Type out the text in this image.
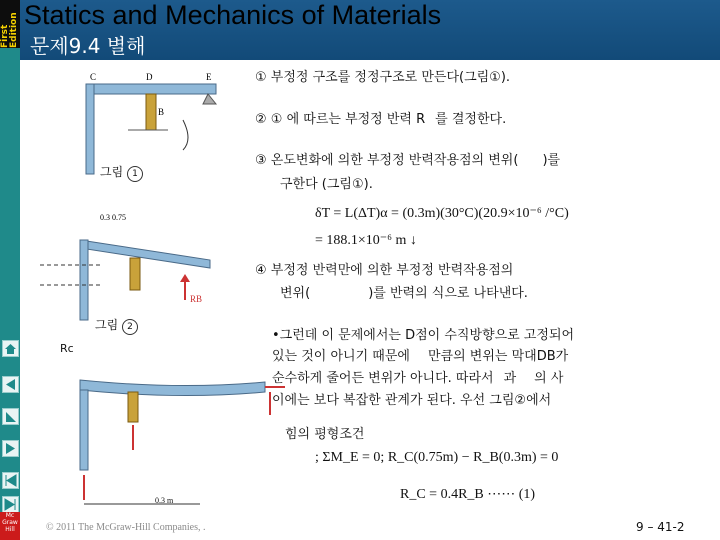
First Edition Statics and Mechanics of Materials
문제9.4 별해
Mc Graw Hill
C	D	E
B
그림 1
RB
0.3 0.75
그림 2
Rc
0.3 m
① 부정정 구조를 정정구조로 만든다(그림①).
② ① 에 따르는 부정정 반력 R 를 결정한다.
③ 온도변화에 의한 부정정 반력작용점의 변위( )를
구한다 (그림①).
δT = L(ΔT)α = (0.3m)(30°C)(20.9×10⁻⁶ /°C)
= 188.1×10⁻⁶ m ↓
④ 부정정 반력만에 의한 부정정 반력작용점의
변위(	)를 반력의 식으로 나타낸다.
•그런데 이 문제에서는 D점이 수직방향으로 고정되어
있는 것이 아니기 때문에 만큼의 변위는 막대DB가
순수하게 줄어든 변위가 아니다. 따라서 과 의 사
이에는 보다 복잡한 관계가 된다. 우선 그림②에서
힘의 평형조건
; ΣM_E = 0; R_C(0.75m) − R_B(0.3m) = 0
R_C = 0.4R_B ⋯⋯ (1)
© 2011 The McGraw-Hill Companies, .	9 – 41-2
